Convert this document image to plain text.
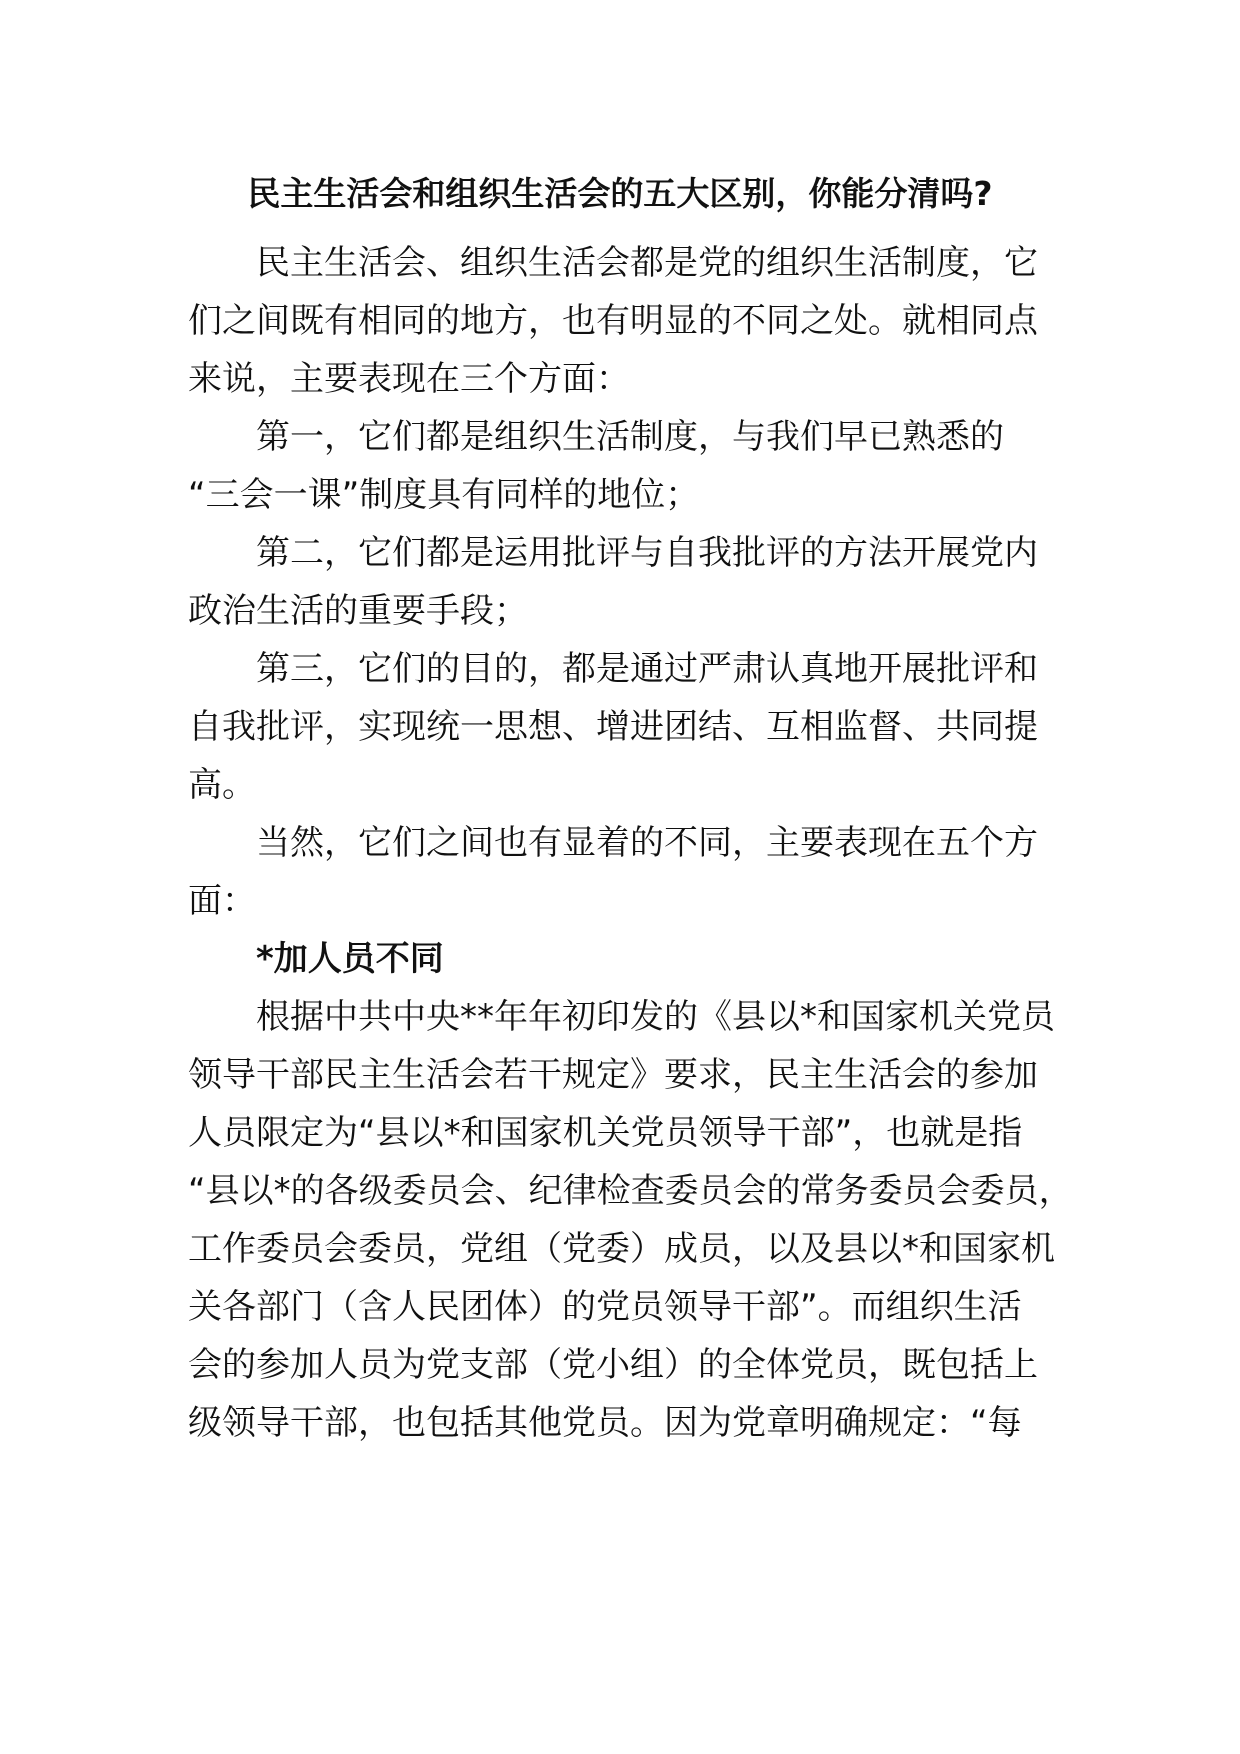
民主生活会和组织生活会的五大区别，你能分清吗?
民主生活会、组织生活会都是党的组织生活制度，它
们之间既有相同的地方，也有明显的不同之处。就相同点
来说，主要表现在三个方面：
第一，它们都是组织生活制度，与我们早已熟悉的
“三会一课”制度具有同样的地位；
第二，它们都是运用批评与自我批评的方法开展党内
政治生活的重要手段；
第三，它们的目的，都是通过严肃认真地开展批评和
自我批评，实现统一思想、增进团结、互相监督、共同提
高。
当然，它们之间也有显着的不同，主要表现在五个方
面：
*加人员不同
根据中共中央**年年初印发的《县以*和国家机关党员
领导干部民主生活会若干规定》要求，民主生活会的参加
人员限定为“县以*和国家机关党员领导干部”，也就是指
“县以*的各级委员会、纪律检查委员会的常务委员会委员，
工作委员会委员，党组（党委）成员，以及县以*和国家机
关各部门（含人民团体）的党员领导干部”。而组织生活
会的参加人员为党支部（党小组）的全体党员，既包括上
级领导干部，也包括其他党员。因为党章明确规定：“每
